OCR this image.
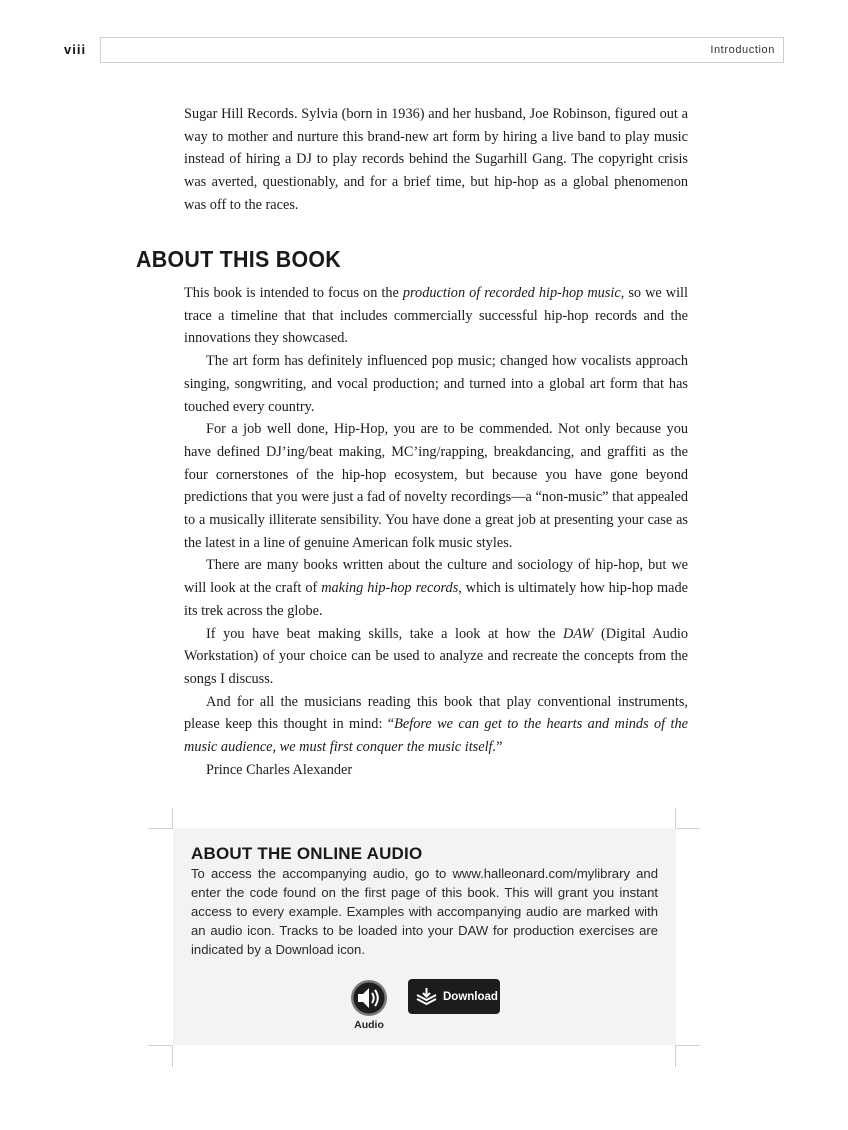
viii	Introduction

Sugar Hill Records. Sylvia (born in 1936) and her husband, Joe Robinson, figured out a way to mother and nurture this brand-new art form by hiring a live band to play music instead of hiring a DJ to play records behind the Sugarhill Gang. The copyright crisis was averted, questionably, and for a brief time, but hip-hop as a global phenomenon was off to the races.

ABOUT THIS BOOK

This book is intended to focus on the production of recorded hip-hop music, so we will trace a timeline that that includes commercially successful hip-hop records and the innovations they showcased.

The art form has definitely influenced pop music; changed how vocalists approach singing, songwriting, and vocal production; and turned into a global art form that has touched every country.

For a job well done, Hip-Hop, you are to be commended. Not only because you have defined DJ’ing/beat making, MC’ing/rapping, breakdancing, and graffiti as the four cornerstones of the hip-hop ecosystem, but because you have gone beyond predictions that you were just a fad of novelty recordings—a “non-music” that appealed to a musically illiterate sensibility. You have done a great job at presenting your case as the latest in a line of genuine American folk music styles.

There are many books written about the culture and sociology of hip-hop, but we will look at the craft of making hip-hop records, which is ultimately how hip-hop made its trek across the globe.

If you have beat making skills, take a look at how the DAW (Digital Audio Workstation) of your choice can be used to analyze and recreate the concepts from the songs I discuss.

And for all the musicians reading this book that play conventional instruments, please keep this thought in mind: “Before we can get to the hearts and minds of the music audience, we must first conquer the music itself.”

Prince Charles Alexander

ABOUT THE ONLINE AUDIO

To access the accompanying audio, go to www.halleonard.com/mylibrary and enter the code found on the first page of this book. This will grant you instant access to every example. Examples with accompanying audio are marked with an audio icon. Tracks to be loaded into your DAW for production exercises are indicated by a Download icon.

Audio
Download
